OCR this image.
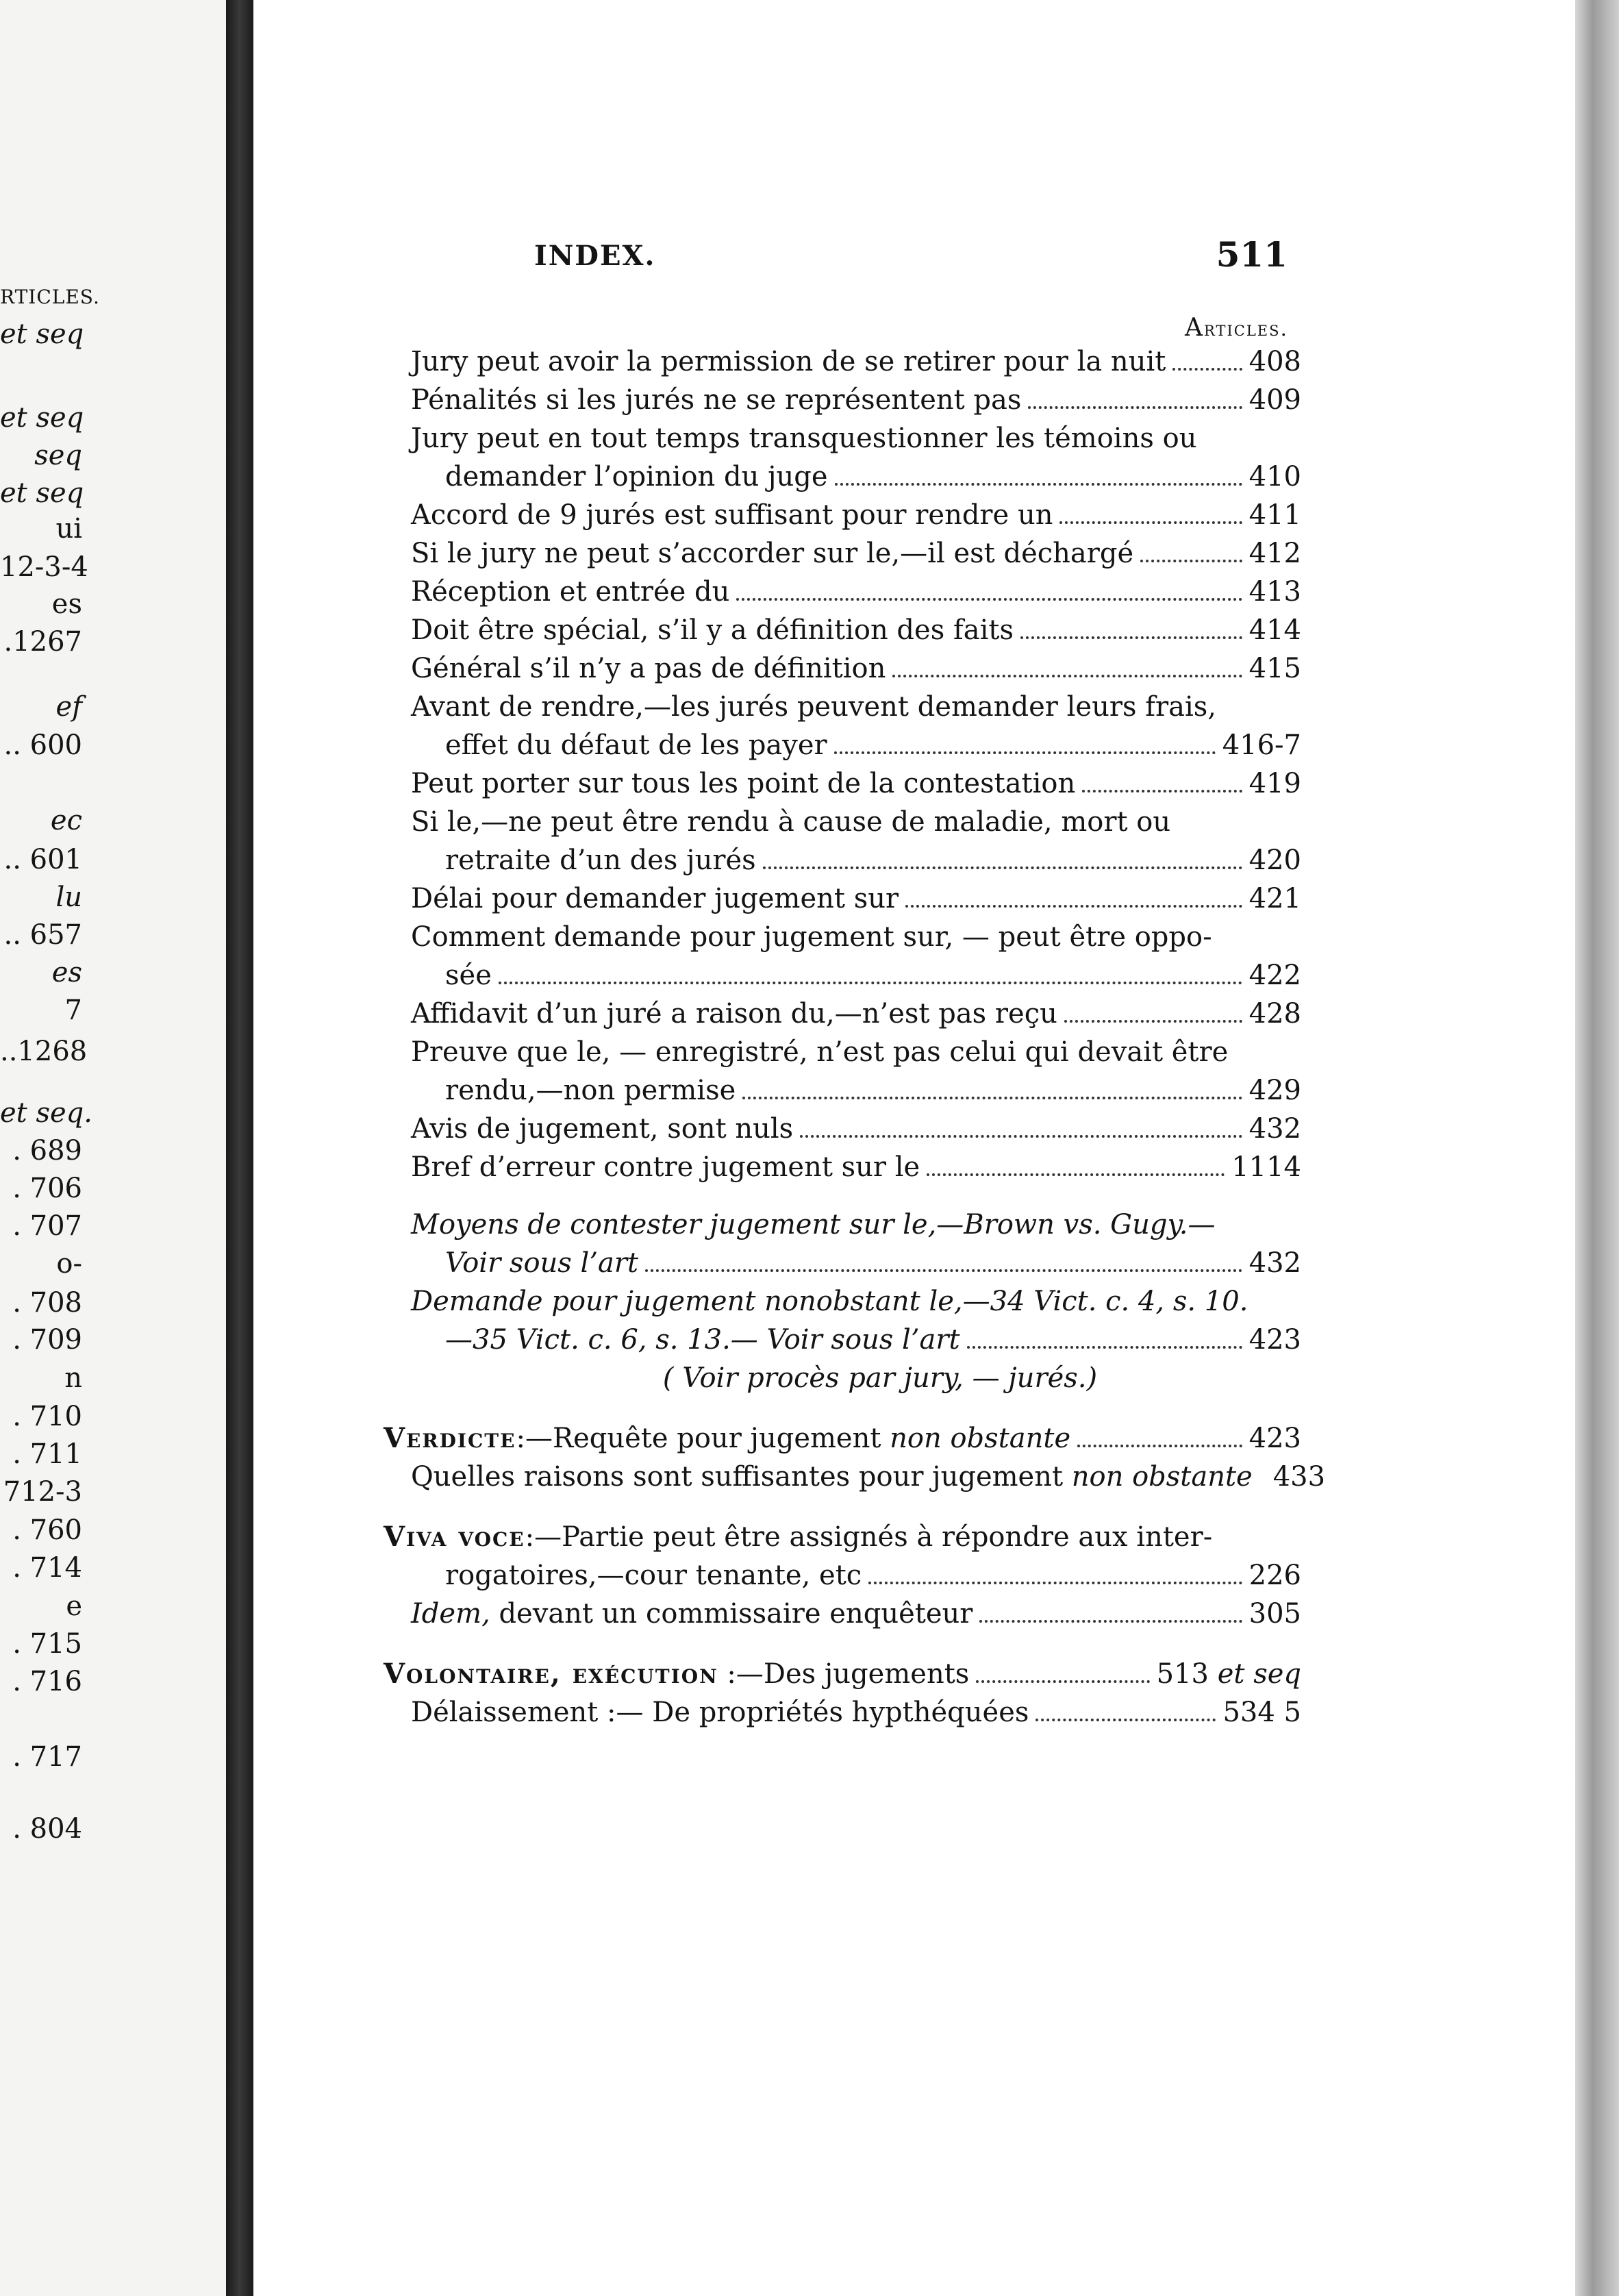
RTICLES.
et seq
et seq
seq
et seq
ui
12-3-4
es
.1267
ef
.. 600
ec
.. 601
lu
.. 657
es
7
..1268
et seq.
. 689
. 706
. 707
o-
. 708
. 709
n
. 710
. 711
712-3
. 760
. 714
e
. 715
. 716
. 717
. 804
INDEX.	511
Articles.
Jury peut avoir la permission de se retirer pour la nuit	408
Pénalités si les jurés ne se représentent pas	409
Jury peut en tout temps transquestionner les témoins ou
demander l’opinion du juge	410
Accord de 9 jurés est suffisant pour rendre un	411
Si le jury ne peut s’accorder sur le,—il est déchargé	412
Réception et entrée du	413
Doit être spécial, s’il y a définition des faits	414
Général s’il n’y a pas de définition	415
Avant de rendre,—les jurés peuvent demander leurs frais,
effet du défaut de les payer	416-7
Peut porter sur tous les point de la contestation	419
Si le,—ne peut être rendu à cause de maladie, mort ou
retraite d’un des jurés	420
Délai pour demander jugement sur	421
Comment demande pour jugement sur, — peut être oppo-
sée	422
Affidavit d’un juré a raison du,—n’est pas reçu	428
Preuve que le, — enregistré, n’est pas celui qui devait être
rendu,—non permise	429
Avis de jugement, sont nuls	432
Bref d’erreur contre jugement sur le	1114
Moyens de contester jugement sur le,—Brown vs. Gugy.—
Voir sous l’art	432
Demande pour jugement nonobstant le,—34 Vict. c. 4, s. 10.
—35 Vict. c. 6, s. 13.— Voir sous l’art	423
( Voir procès par jury, — jurés.)
Verdicte:—Requête pour jugement non obstante	423
Quelles raisons sont suffisantes pour jugement non obstante 433
Viva voce:—Partie peut être assignés à répondre aux inter-
rogatoires,—cour tenante, etc	226
Idem, devant un commissaire enquêteur	305
Volontaire, exécution :—Des jugements	513 et seq
Délaissement :— De propriétés hypthéquées	534 5
